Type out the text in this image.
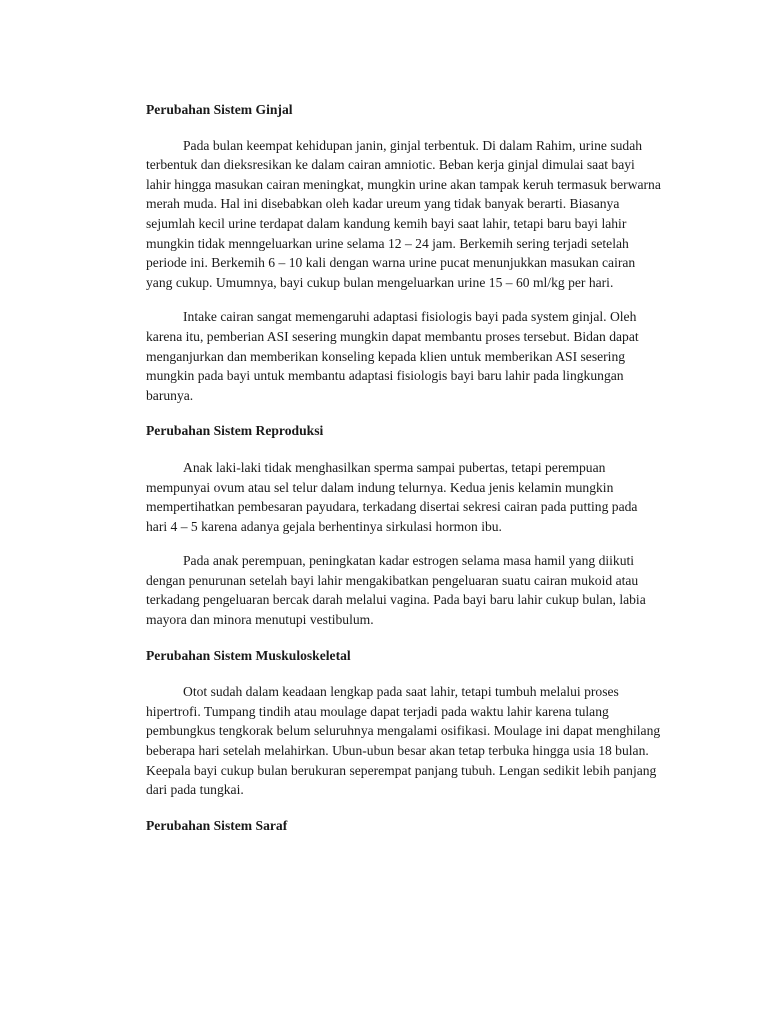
Perubahan Sistem Ginjal

Pada bulan keempat kehidupan janin, ginjal terbentuk. Di dalam Rahim, urine sudah terbentuk dan dieksresikan ke dalam cairan amniotic. Beban kerja ginjal dimulai saat bayi lahir hingga masukan cairan meningkat, mungkin urine akan tampak keruh termasuk berwarna merah muda. Hal ini disebabkan oleh kadar ureum yang tidak banyak berarti. Biasanya sejumlah kecil urine terdapat dalam kandung kemih bayi saat lahir, tetapi baru bayi lahir mungkin tidak menngeluarkan urine selama 12 – 24 jam. Berkemih sering terjadi setelah periode ini. Berkemih 6 – 10 kali dengan warna urine pucat menunjukkan masukan cairan yang cukup. Umumnya, bayi cukup bulan mengeluarkan urine 15 – 60 ml/kg per hari.

Intake cairan sangat memengaruhi adaptasi fisiologis bayi pada system ginjal. Oleh karena itu, pemberian ASI sesering mungkin dapat membantu proses tersebut. Bidan dapat menganjurkan dan memberikan konseling kepada klien untuk memberikan ASI sesering mungkin pada bayi untuk membantu adaptasi fisiologis bayi baru lahir pada lingkungan barunya.

Perubahan Sistem Reproduksi

Anak laki-laki tidak menghasilkan sperma sampai pubertas, tetapi perempuan mempunyai ovum atau sel telur dalam indung telurnya. Kedua jenis kelamin mungkin mempertihatkan pembesaran payudara, terkadang disertai sekresi cairan pada putting pada hari 4 – 5 karena adanya gejala berhentinya sirkulasi hormon ibu.

Pada anak perempuan, peningkatan kadar estrogen selama masa hamil yang diikuti dengan penurunan setelah bayi lahir mengakibatkan pengeluaran suatu cairan mukoid atau terkadang pengeluaran bercak darah melalui vagina. Pada bayi baru lahir cukup bulan, labia mayora dan minora menutupi vestibulum.

Perubahan Sistem Muskuloskeletal

Otot sudah dalam keadaan lengkap pada saat lahir, tetapi tumbuh melalui proses hipertrofi. Tumpang tindih atau moulage dapat terjadi pada waktu lahir karena tulang pembungkus tengkorak belum seluruhnya mengalami osifikasi. Moulage ini dapat menghilang beberapa hari setelah melahirkan. Ubun-ubun besar akan tetap terbuka hingga usia 18 bulan. Keepala bayi cukup bulan berukuran seperempat panjang tubuh. Lengan sedikit lebih panjang dari pada tungkai.

Perubahan Sistem Saraf
